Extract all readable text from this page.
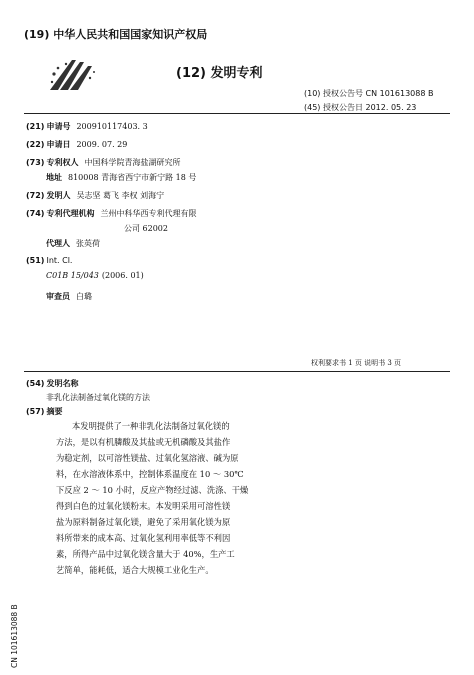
(19) 中华人民共和国国家知识产权局
(12) 发明专利
(10) 授权公告号 CN 101613088 B
(45) 授权公告日 2012. 05. 23
(21) 申请号 200910117403. 3
(22) 申请日 2009. 07. 29
(73) 专利权人 中国科学院青海盐湖研究所
地址 810008 青海省西宁市新宁路 18 号
(72) 发明人 吴志坚 葛飞 李权 刘海宁
(74) 专利代理机构 兰州中科华西专利代理有限
公司 62002
代理人 张英荷
(51) Int. Cl.
C01B 15/043 (2006. 01)
审查员 白璐
权利要求书 1 页 说明书 3 页
(54) 发明名称
非乳化法制备过氧化镁的方法
(57) 摘要
本发明提供了一种非乳化法制备过氧化镁的
方法，是以有机膦酸及其盐或无机磷酸及其盐作
为稳定剂，以可溶性镁盐、过氧化氢溶液、碱为原
料，在水溶液体系中，控制体系温度在 10 ～ 30℃
下反应 2 ～ 10 小时，反应产物经过滤、洗涤、干燥
得到白色的过氧化镁粉末。本发明采用可溶性镁
盐为原料制备过氧化镁，避免了采用氧化镁为原
料所带来的成本高、过氧化氢利用率低等不利因
素，所得产品中过氧化镁含量大于 40%，生产工
艺简单，能耗低，适合大规模工业化生产。
CN 101613088 B
